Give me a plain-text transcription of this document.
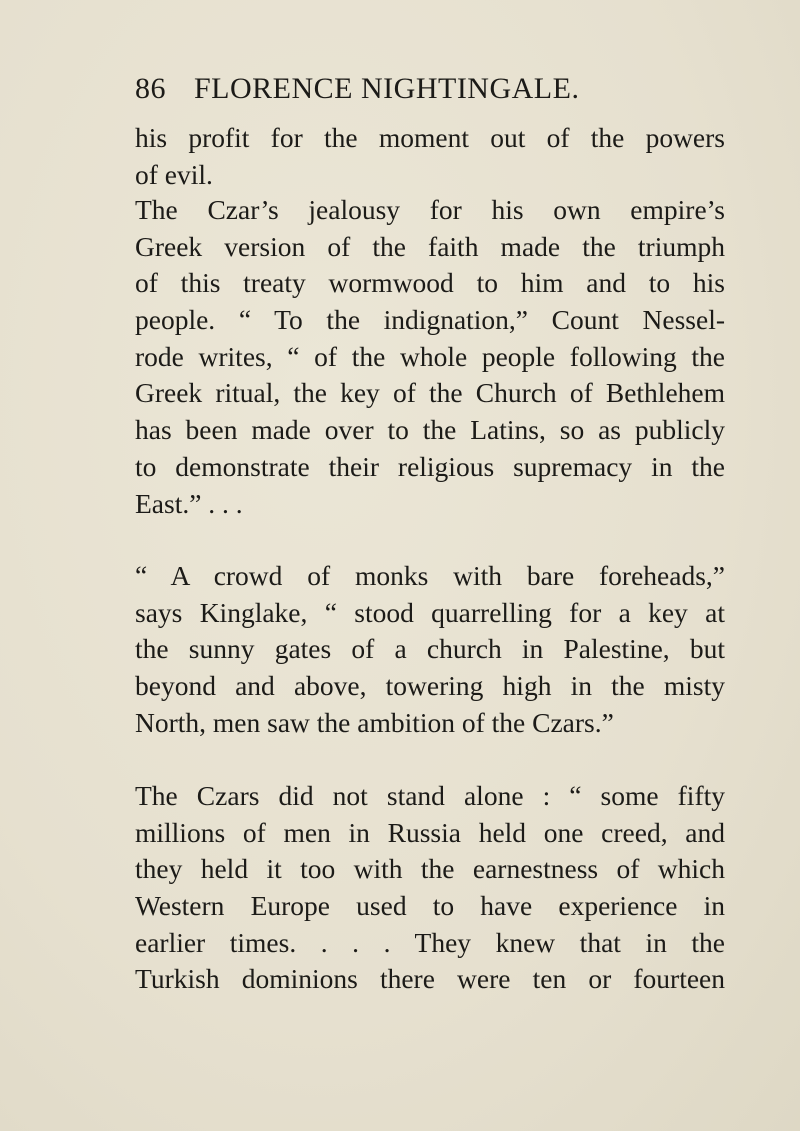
86 FLORENCE NIGHTINGALE.
his profit for the moment out of the powers
of evil.
The Czar’s jealousy for his own empire’s
Greek version of the faith made the triumph
of this treaty wormwood to him and to his
people. “ To the indignation,” Count Nessel-
rode writes, “ of the whole people following the
Greek ritual, the key of the Church of Bethlehem
has been made over to the Latins, so as publicly
to demonstrate their religious supremacy in the
East.” . . .
“ A crowd of monks with bare foreheads,”
says Kinglake, “ stood quarrelling for a key at
the sunny gates of a church in Palestine, but
beyond and above, towering high in the misty
North, men saw the ambition of the Czars.”
The Czars did not stand alone : “ some fifty
millions of men in Russia held one creed, and
they held it too with the earnestness of which
Western Europe used to have experience in
earlier times. . . . They knew that in the
Turkish dominions there were ten or fourteen
